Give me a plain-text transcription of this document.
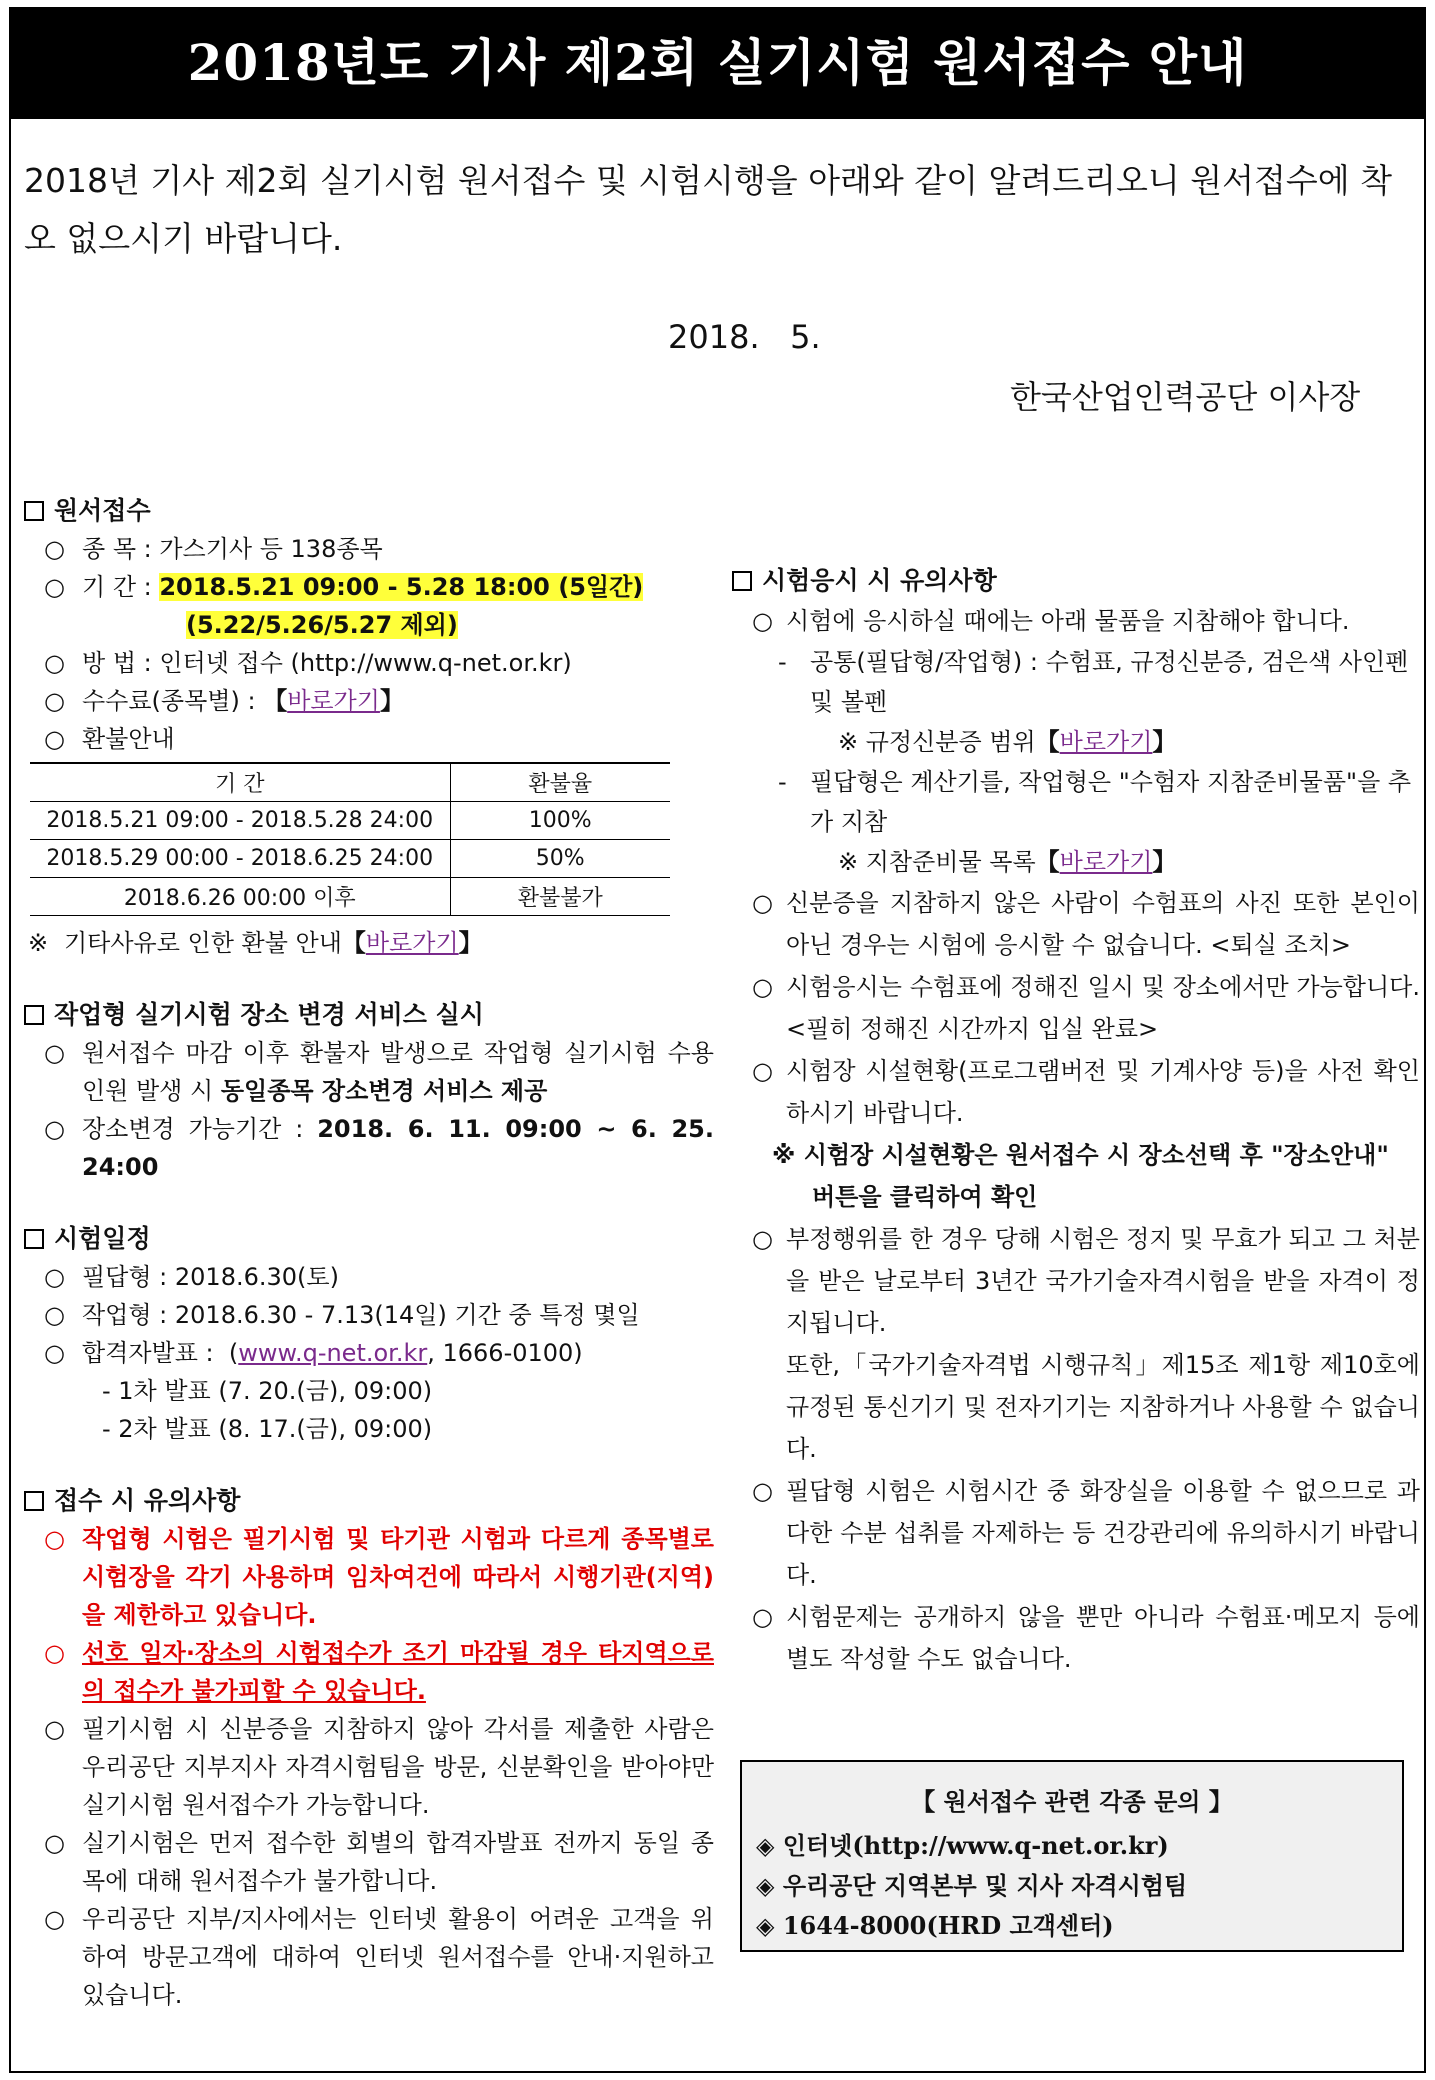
2018년도 기사 제2회 실기시험 원서접수 안내
2018년 기사 제2회 실기시험 원서접수 및 시험시행을 아래와 같이 알려드리오니 원서접수에 착오 없으시기 바랍니다.
2018.   5.
한국산업인력공단 이사장
원서접수
○ 종 목 : 가스기사 등 138종목
○ 기 간 : 2018.5.21 09:00 - 5.28 18:00 (5일간)
(5.22/5.26/5.27 제외)
○ 방 법 : 인터넷 접수 (http://www.q-net.or.kr)
○ 수수료(종목별) : 【바로가기】
○ 환불안내
기 간	환불율
2018.5.21 09:00 - 2018.5.28 24:00	100%
2018.5.29 00:00 - 2018.6.25 24:00	50%
2018.6.26 00:00 이후	환불불가
※ 기타사유로 인한 환불 안내【바로가기】
작업형 실기시험 장소 변경 서비스 실시
○ 원서접수 마감 이후 환불자 발생으로 작업형 실기시험 수용인원 발생 시 동일종목 장소변경 서비스 제공
○ 장소변경 가능기간 : 2018. 6. 11. 09:00 ~ 6. 25. 24:00
시험일정
○ 필답형 : 2018.6.30(토)
○ 작업형 : 2018.6.30 - 7.13(14일) 기간 중 특정 몇일
○ 합격자발표 :  (www.q-net.or.kr, 1666-0100)
- 1차 발표 (7. 20.(금), 09:00)
- 2차 발표 (8. 17.(금), 09:00)
접수 시 유의사항
○ 작업형 시험은 필기시험 및 타기관 시험과 다르게 종목별로 시험장을 각기 사용하며 임차여건에 따라서 시행기관(지역)을 제한하고 있습니다.
○ 선호 일자·장소의 시험접수가 조기 마감될 경우 타지역으로의 접수가 불가피할 수 있습니다.
○ 필기시험 시 신분증을 지참하지 않아 각서를 제출한 사람은 우리공단 지부지사 자격시험팀을 방문, 신분확인을 받아야만 실기시험 원서접수가 가능합니다.
○ 실기시험은 먼저 접수한 회별의 합격자발표 전까지 동일 종목에 대해 원서접수가 불가합니다.
○ 우리공단 지부/지사에서는 인터넷 활용이 어려운 고객을 위하여 방문고객에 대하여 인터넷 원서접수를 안내·지원하고 있습니다.
시험응시 시 유의사항
○ 시험에 응시하실 때에는 아래 물품을 지참해야 합니다.
- 공통(필답형/작업형) : 수험표, 규정신분증, 검은색 사인펜 및 볼펜
※ 규정신분증 범위【바로가기】
- 필답형은 계산기를, 작업형은 "수험자 지참준비물품"을 추가 지참
※ 지참준비물 목록【바로가기】
○ 신분증을 지참하지 않은 사람이 수험표의 사진 또한 본인이 아닌 경우는 시험에 응시할 수 없습니다. <퇴실 조치>
○ 시험응시는 수험표에 정해진 일시 및 장소에서만 가능합니다. <필히 정해진 시간까지 입실 완료>
○ 시험장 시설현황(프로그램버전 및 기계사양 등)을 사전 확인하시기 바랍니다.
※ 시험장 시설현황은 원서접수 시 장소선택 후 "장소안내"
버튼을 클릭하여 확인
○ 부정행위를 한 경우 당해 시험은 정지 및 무효가 되고 그 처분을 받은 날로부터 3년간 국가기술자격시험을 받을 자격이 정지됩니다.
또한,「국가기술자격법 시행규칙」제15조 제1항 제10호에 규정된 통신기기 및 전자기기는 지참하거나 사용할 수 없습니다.
○ 필답형 시험은 시험시간 중 화장실을 이용할 수 없으므로 과다한 수분 섭취를 자제하는 등 건강관리에 유의하시기 바랍니다.
○ 시험문제는 공개하지 않을 뿐만 아니라 수험표·메모지 등에 별도 작성할 수도 없습니다.
【 원서접수 관련 각종 문의 】
◈ 인터넷(http://www.q-net.or.kr)
◈ 우리공단 지역본부 및 지사 자격시험팀
◈ 1644-8000(HRD 고객센터)
